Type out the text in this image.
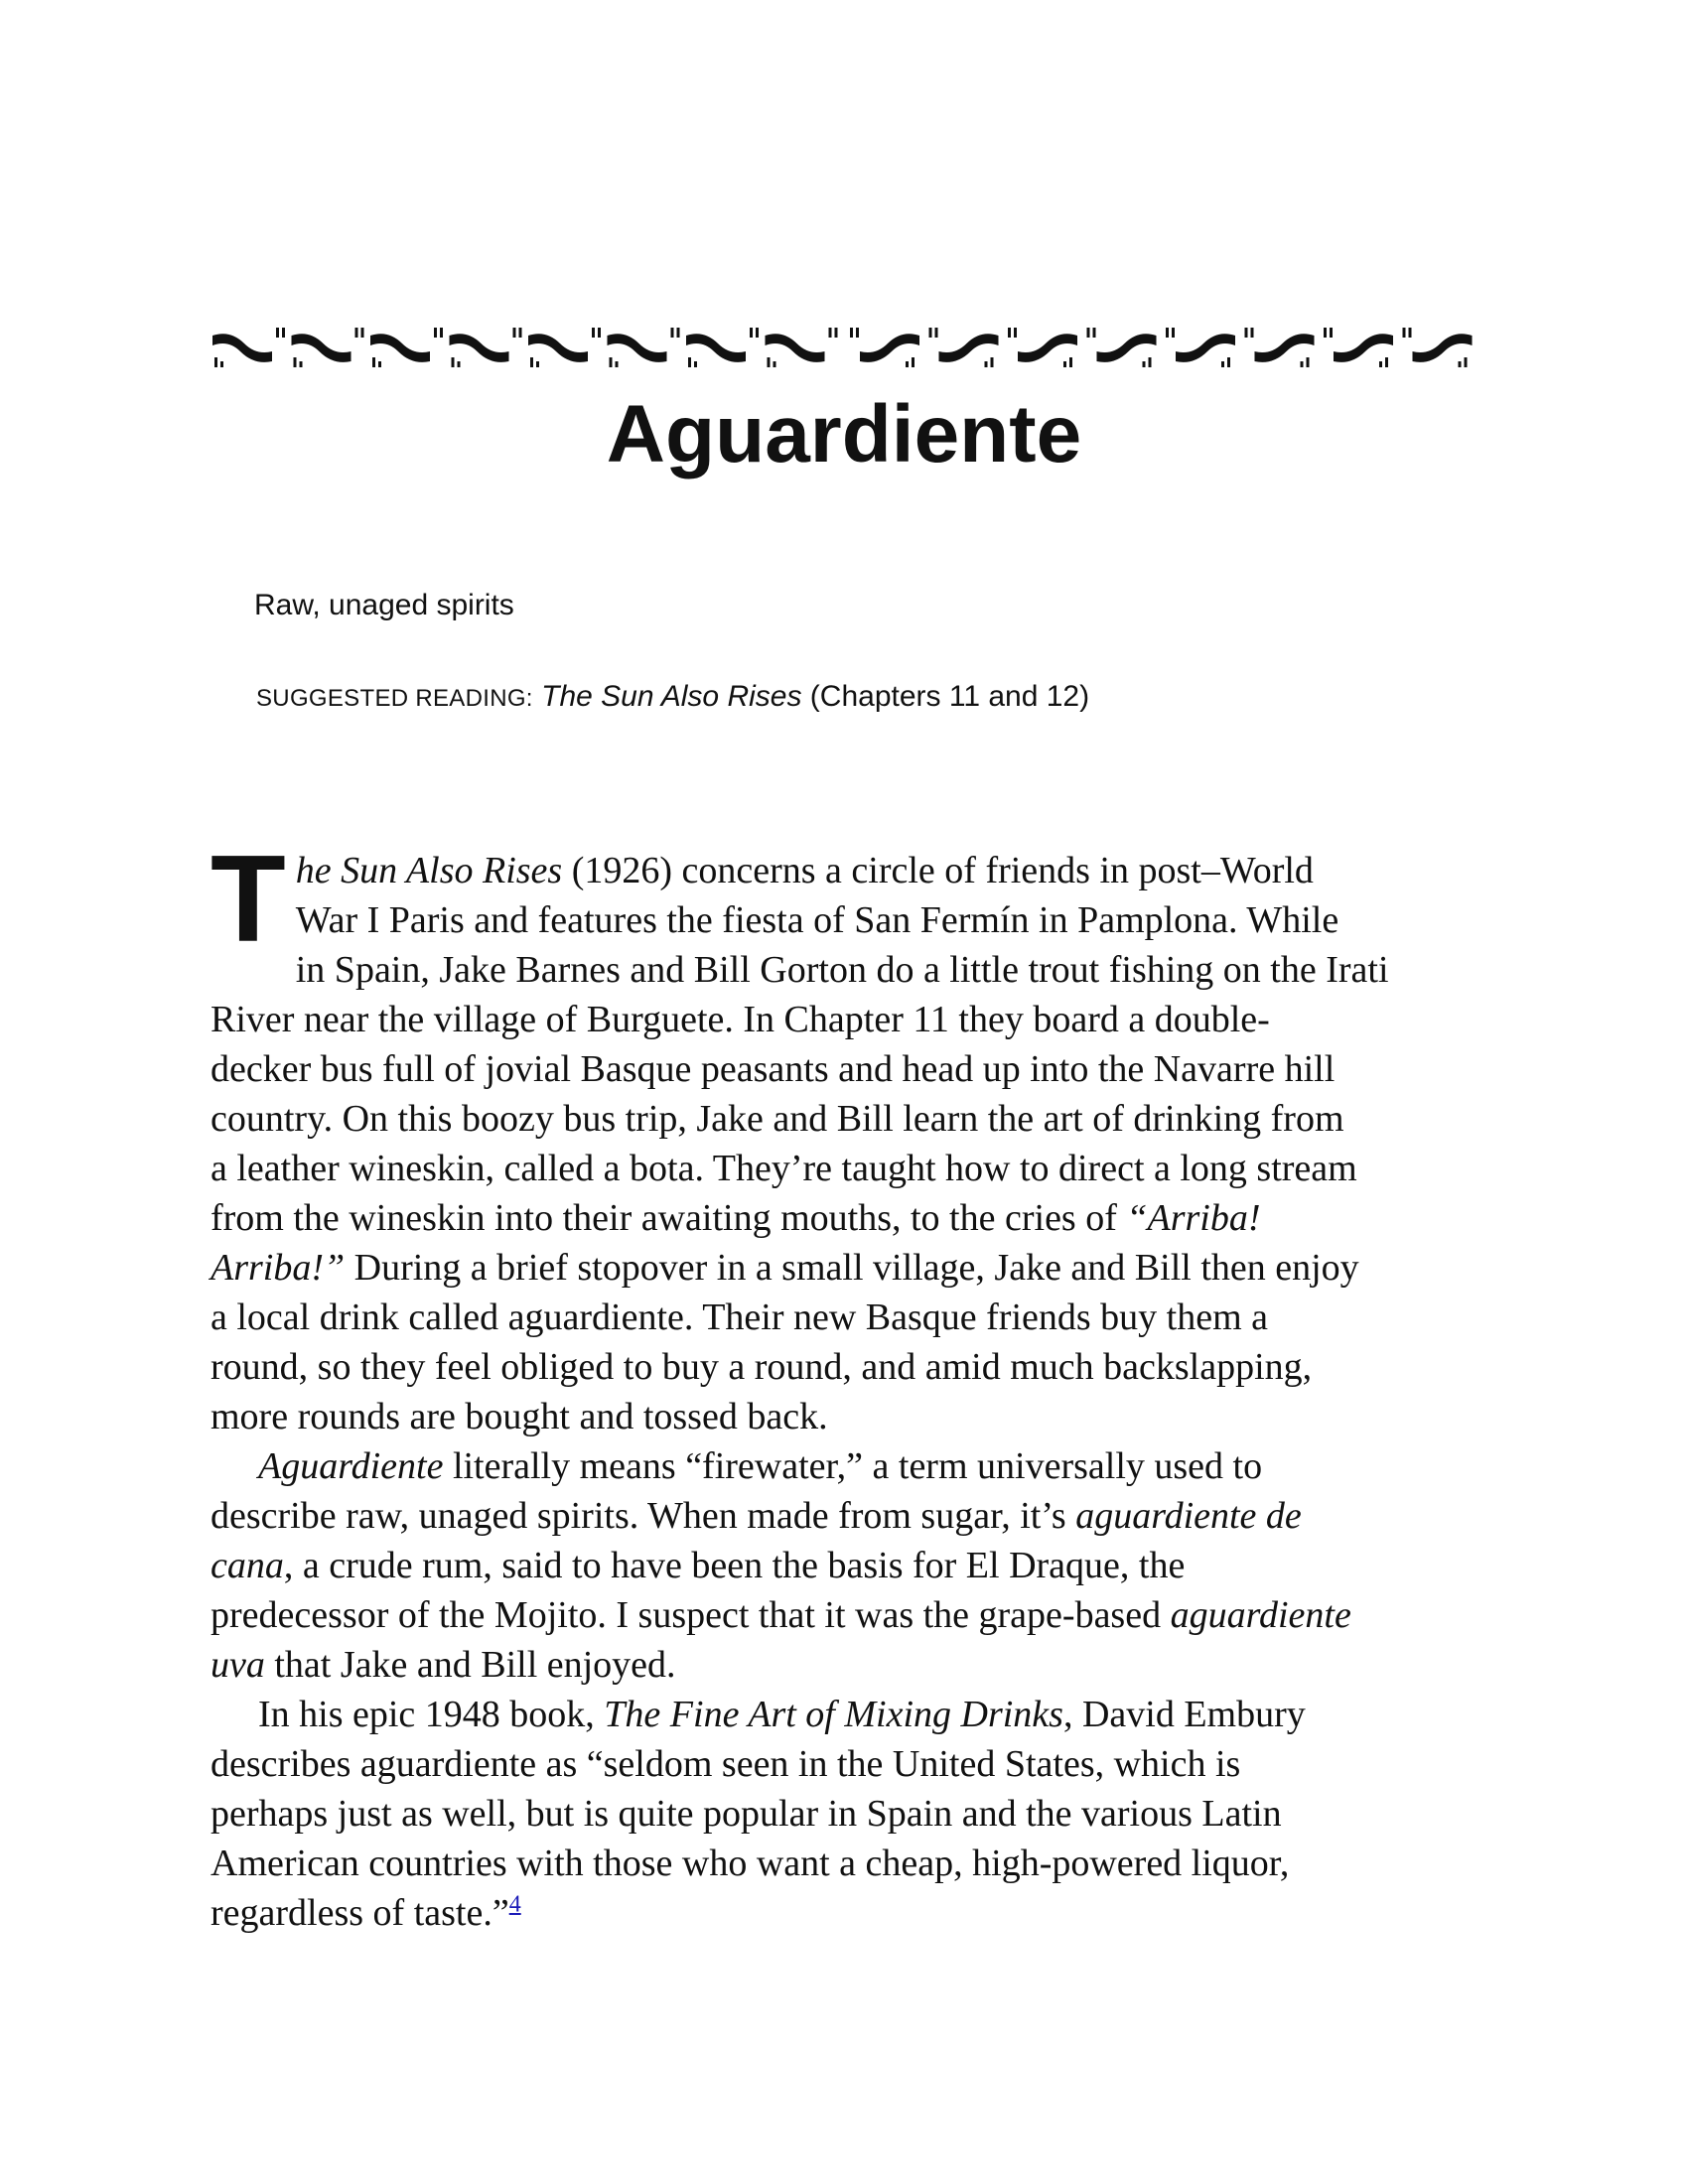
Aguardiente
Raw, unaged spirits
SUGGESTED READING: The Sun Also Rises (Chapters 11 and 12)

T he Sun Also Rises (1926) concerns a circle of friends in post–World
War I Paris and features the fiesta of San Fermín in Pamplona. While
in Spain, Jake Barnes and Bill Gorton do a little trout fishing on the Irati
River near the village of Burguete. In Chapter 11 they board a double-
decker bus full of jovial Basque peasants and head up into the Navarre hill
country. On this boozy bus trip, Jake and Bill learn the art of drinking from
a leather wineskin, called a bota. They’re taught how to direct a long stream
from the wineskin into their awaiting mouths, to the cries of “Arriba!
Arriba!” During a brief stopover in a small village, Jake and Bill then enjoy
a local drink called aguardiente. Their new Basque friends buy them a
round, so they feel obliged to buy a round, and amid much backslapping,
more rounds are bought and tossed back.

Aguardiente literally means “firewater,” a term universally used to
describe raw, unaged spirits. When made from sugar, it’s aguardiente de
cana, a crude rum, said to have been the basis for El Draque, the
predecessor of the Mojito. I suspect that it was the grape-based aguardiente
uva that Jake and Bill enjoyed.

In his epic 1948 book, The Fine Art of Mixing Drinks, David Embury
describes aguardiente as “seldom seen in the United States, which is
perhaps just as well, but is quite popular in Spain and the various Latin
American countries with those who want a cheap, high-powered liquor,
regardless of taste.”$^4$
